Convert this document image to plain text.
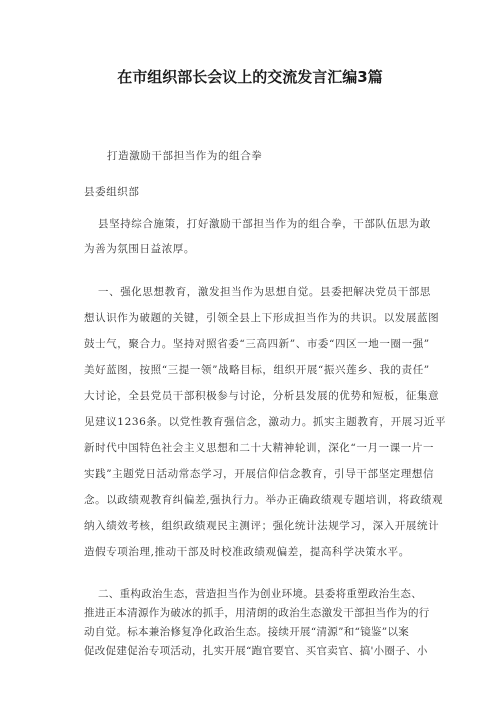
在市组织部长会议上的交流发言汇编3篇
打造激励干部担当作为的组合拳
县委组织部
县坚持综合施策，打好激励干部担当作为的组合拳，干部队伍思为敢
为善为氛围日益浓厚。
一、强化思想教育，激发担当作为思想自觉。县委把解决党员干部思
想认识作为破题的关键，引领全县上下形成担当作为的共识。以发展蓝图
鼓士气，聚合力。坚持对照省委“三高四新”、市委“四区一地一圈一强”
美好蓝图，按照“三提一领”战略目标，组织开展“振兴莲乡、我的责任”
大讨论，全县党员干部积极参与讨论，分析县发展的优势和短板，征集意
见建议1236条。以党性教育强信念，激动力。抓实主题教育，开展习近平
新时代中国特色社会主义思想和二十大精神轮训，深化“一月一课一片一
实践”主题党日活动常态学习，开展信仰信念教育，引导干部坚定理想信
念。以政绩观教育纠偏差,强执行力。举办正确政绩观专题培训，将政绩观
纳入绩效考核，组织政绩观民主测评；强化统计法规学习，深入开展统计
造假专项治理,推动干部及时校准政绩观偏差，提高科学决策水平。
二、重构政治生态，营造担当作为创业环境。县委将重塑政治生态、
推进正本清源作为破冰的抓手，用清朗的政治生态激发干部担当作为的行
动自觉。标本兼治修复净化政治生态。接续开展“清源”和“镜鉴”以案
促改促建促治专项活动，扎实开展“跑官要官、买官卖官、搞'小圈子、小
